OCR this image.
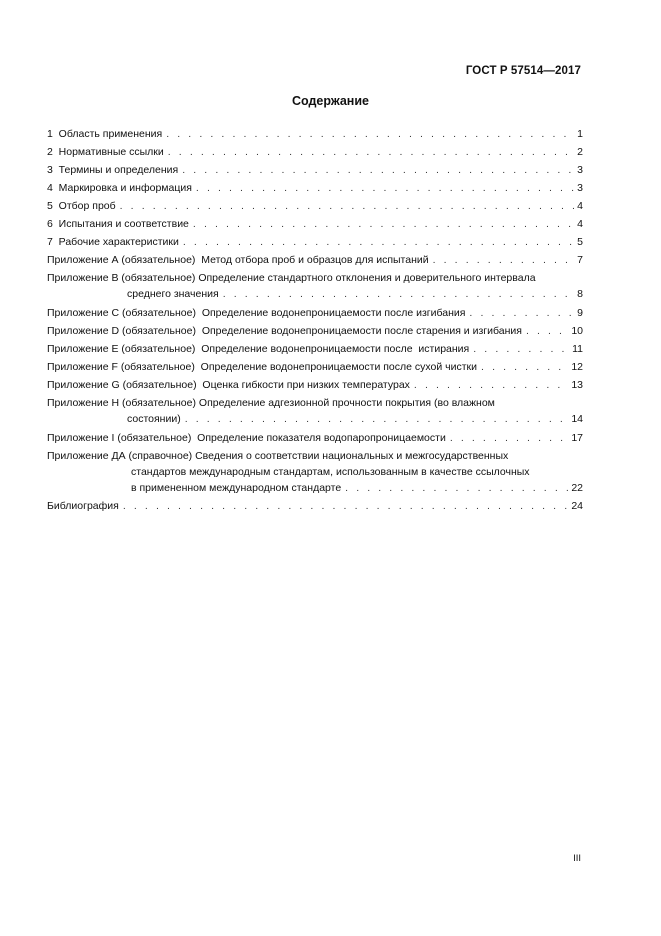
ГОСТ Р 57514—2017
Содержание
1  Область применения . . .	1
2  Нормативные ссылки . . .	2
3  Термины и определения . . .	3
4  Маркировка и информация . . .	3
5  Отбор проб . . .	4
6  Испытания и соответствие . . .	4
7  Рабочие характеристики . . .	5
Приложение А (обязательное)  Метод отбора проб и образцов для испытаний . . .	7
Приложение В (обязательное) Определение стандартного отклонения и доверительного интервала
среднего значения . . .	8
Приложение С (обязательное)  Определение водонепроницаемости после изгибания . . .	9
Приложение D (обязательное)  Определение водонепроницаемости после старения и изгибания . . .	10
Приложение Е (обязательное)  Определение водонепроницаемости после  истирания . . .	11
Приложение F (обязательное)  Определение водонепроницаемости после сухой чистки . . .	12
Приложение G (обязательное)  Оценка гибкости при низких температурах . . .	13
Приложение Н (обязательное) Определение адгезионной прочности покрытия (во влажном
состоянии) . . .	14
Приложение I (обязательное)  Определение показателя водопаропроницаемости . . .	17
Приложение ДА (справочное) Сведения о соответствии национальных и межгосударственных
стандартов международным стандартам, использованным в качестве ссылочных
в примененном международном стандарте . . .	22
Библиография . . .	24
III
